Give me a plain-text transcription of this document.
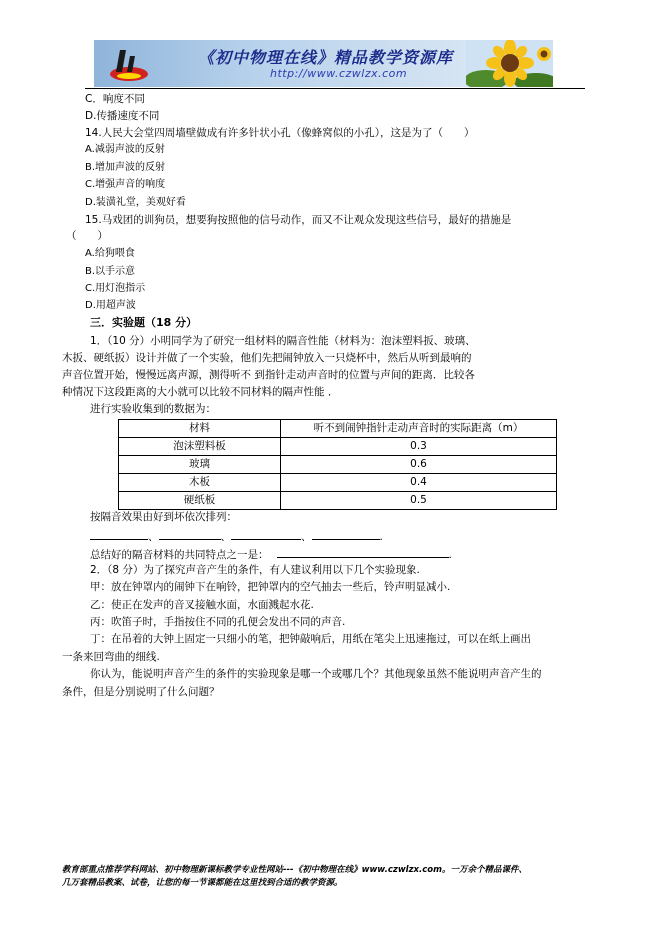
《初中物理在线》精品教学资源库
http://www.czwlzx.com
C．响度不同
D.传播速度不同
14.人民大会堂四周墙壁做成有许多针状小孔（像蜂窝似的小孔），这是为了（　　）
A.减弱声波的反射
B.增加声波的反射
C.增强声音的响度
D.装潢礼堂，美观好看
15.马戏团的训狗员，想要狗按照他的信号动作，而又不让观众发现这些信号，最好的措施是
（　　）
A.给狗喂食
B.以手示意
C.用灯泡指示
D.用超声波
三．实验题（18 分）
1．（10 分）小明同学为了研究一组材料的隔音性能（材料为：泡沫塑料扳、玻璃、
木扳、硬纸扳）设计并做了一个实验，他们先把闹钟放入一只烧杯中，然后从听到最响的
声音位置开始，慢慢远离声源，测得听不 到指针走动声音时的位置与声间的距离．比较各
种情况下这段距离的大小就可以比较不同材料的隔声性能 ．
进行实验收集到的数据为：
材料	听不到闹钟指针走动声音时的实际距离（m）
泡沫塑料板	0.3
玻璃	0.6
木板	0.4
硬纸板	0.5
按隔音效果由好到坏依次排列：
、	、	、	.
总结好的隔音材料的共同特点之一是：	.
2．（8 分）为了探究声音产生的条件，有人建议利用以下几个实验现象.
甲：放在钟罩内的闹钟下在响铃，把钟罩内的空气抽去一些后，铃声明显减小.
乙：使正在发声的音叉接触水面，水面溅起水花.
丙：吹笛子时，手指按住不同的孔便会发出不同的声音.
丁：在吊着的大钟上固定一只细小的笔，把钟敲响后，用纸在笔尖上迅速拖过，可以在纸上画出
一条来回弯曲的细线.
你认为，能说明声音产生的条件的实验现象是哪一个或哪几个？其他现象虽然不能说明声音产生的
条件，但是分别说明了什么问题？
教育部重点推荐学科网站、初中物理新课标教学专业性网站---《初中物理在线》www.czwlzx.com。一万余个精品课件、
几万套精品教案、试卷，让您的每一节课都能在这里找到合适的教学资源。
